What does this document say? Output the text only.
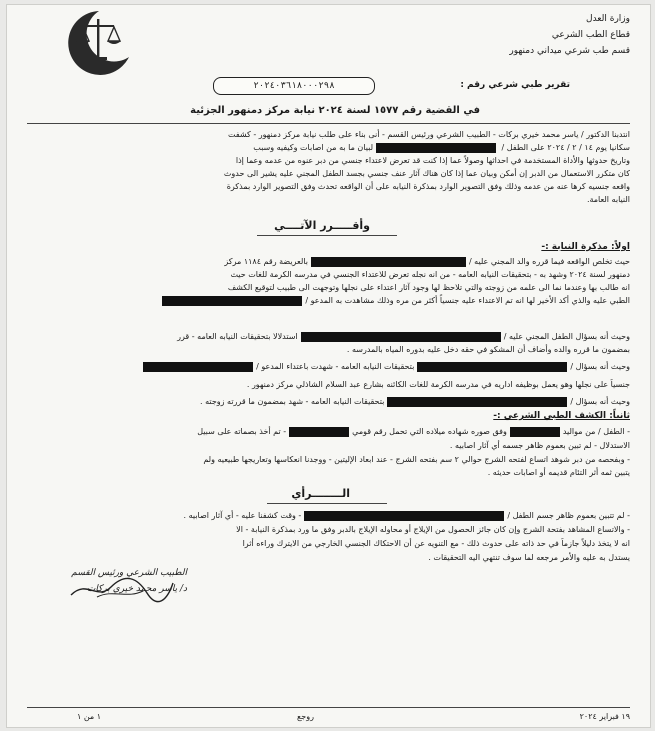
وزارة العدل
قطاع الطب الشرعي
قسم طب شرعي ميداني دمنهور
تقرير طبي شرعي رقم :
٢٠٢٤٠٣٦١٨٠٠٠٢٩٨
في القضية رقم ١٥٧٧ لسنة ٢٠٢٤ نيابة مركز دمنهور الجزئية
انتدبنا الدكتور / ياسر محمد خيري بركات - الطبيب الشرعي ورئيس القسم - أنى بناء على طلب نيابة مركز دمنهور - كشفت
سكانيا يوم ١٤ / ٢ / ٢٠٢٤ على الطفل / لبيان ما به من اصابات وكيفيه وسبب
وتاريخ حدوثها والأداة المستخدمة في احداثها وصولاً عما إذا كنت قد تعرض لاعتداء جنسي من دبر عنوه من عدمه وعما إذا
كان متكرر الاستعمال من الدبر إن أمكن وبيان عما إذا كان هناك آثار عنف جنسي بجسد الطفل المجني عليه يشير الى حدوث
واقعه جنسيه كرها عنه من عدمه وذلك وفق التصوير الوارد بمذكرة النيابه على أن الواقعه تحدث وفق التصوير الوارد بمذكرة
النيابه العامة.
وأقـــــرر الآتــــي
اولاً: مذكرة النيابة :-
حيث تخلص الواقعه فيما قرره والد المجني عليه /بالعريضة رقم ١١٨٤ مركز
دمنهور لسنة ٢٠٢٤ وشهد به - بتحقيقات النيابه العامه - من انه نجله تعرض للاعتداء الجنسي في مدرسه الكرمة للغات حيث
انه طالب بها وعندما نما الى علمه من زوجته والتي تلاحظ لها وجود آثار اعتداء على نجلها وتوجهت الى طبيب لتوقيع الكشف
الطبي عليه والذي أكد الأخير لها انه تم الاعتداء عليه جنسياً أكثر من مره وذلك مشاهدت به المدعو /
وحيث أنه بسؤال الطفل المجني عليه /استدلالا بتحقيقات النيابه العامه - قرر
بمضمون ما قرره والده وأضاف أن المشكو في حقه دخل عليه بدوره المياه بالمدرسه .
وحيث أنه بسؤال /بتحقيقات النيابه العامه - شهدت باعتداء المدعو /
جنسياً على نجلها وهو يعمل بوظيفه اداريه في مدرسه الكرمة للغات الكائنه بشارع عبد السلام الشاذلي مركز دمنهور .
وحيث أنه بسؤال /بتحقيقات النيابه العامه - شهد بمضمون ما قررته زوجته .
ثانياً: الكشف الطبي الشرعي :-
- الطفل / من مواليدوفق صوره شهاده ميلاده التي تحمل رقم قومي- تم أخذ بصماته على سبيل
الاستدلال - لم تبين بعموم ظاهر جسمه أي آثار اصابيه .
- وبفحصه من دبر شوهد اتساع لفتحه الشرج حوالي ٢ سم بفتحه الشرج - عند ابعاد الإليتين - ووجدنا انعكاسها وتعاريجها طبيعيه ولم
يتبين ثمه أثر التئام قديمه أو اصابات حديثه .
الــــــــرأي
- لم تتبين بعموم ظاهر جسم الطفل /- وقت كشفنا عليه - أي آثار اصابيه .
- والاتساع المشاهد بفتحة الشرج وإن كان جائز الحصول من الإيلاج أو محاوله الإيلاج بالدبر وفق ما ورد بمذكرة النيابة - الا
انه لا يتخذ دليلاً جازماً في حد ذاته على حدوث ذلك - مع التنويه عن أن الاحتكاك الجنسي الخارجي من الايترك وراءه أثرا
يستدل به عليه والأمر مرجعه لما سوف تنتهي اليه التحقيقات .
الطبيب الشرعي ورئيس القسم
د/ ياسر محمد خيري بركات
١٩ فبراير ٢٠٢٤
روجع
١ من ١
